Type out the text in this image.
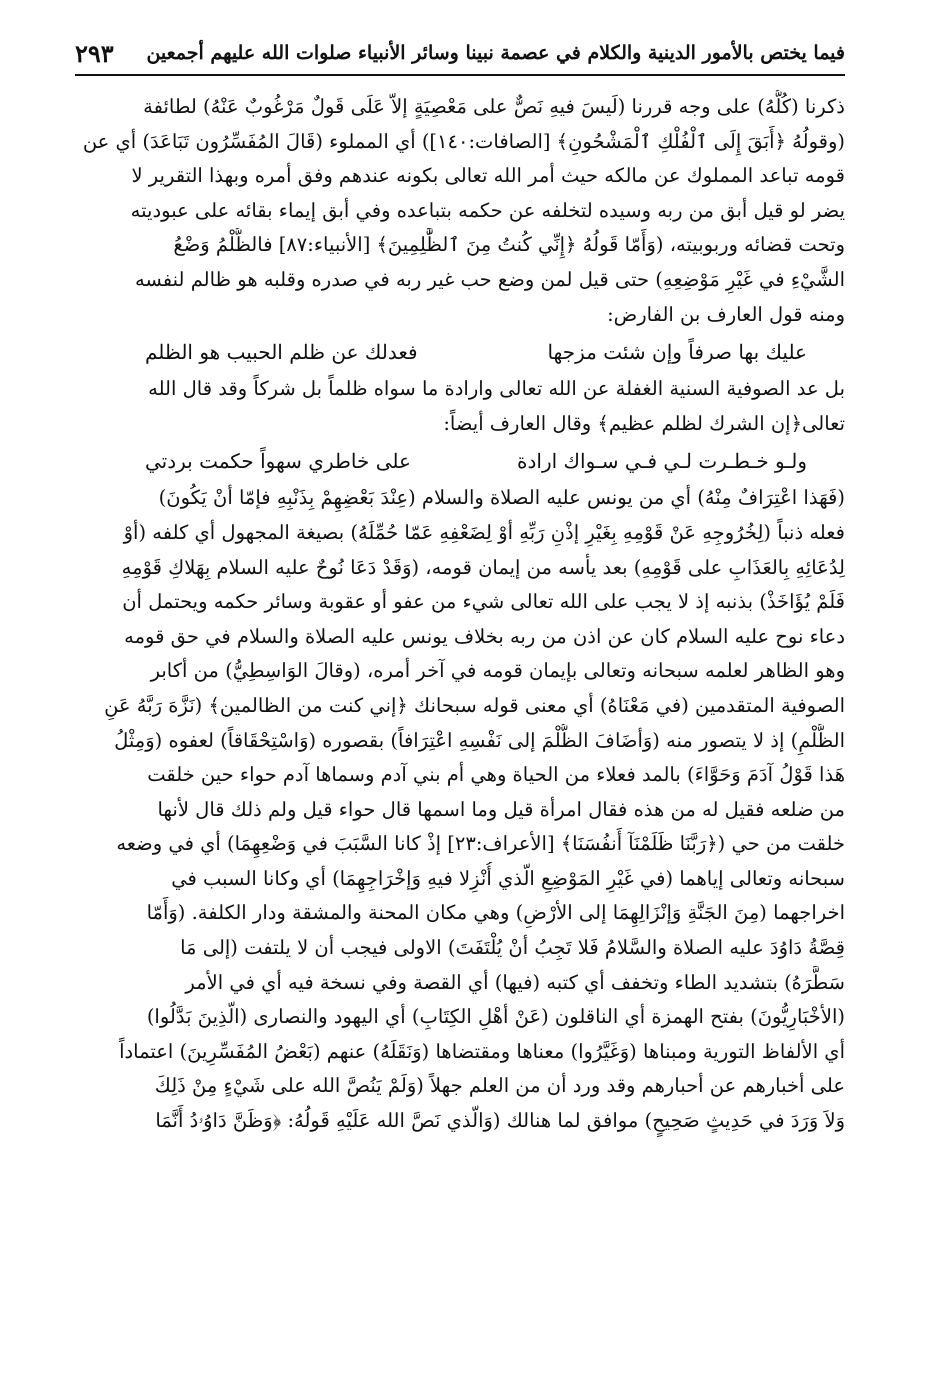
فيما يختص بالأمور الدينية والكلام في عصمة نبينا وسائر الأنبياء صلوات الله عليهم أجمعين
٢٩٣
ذكرنا (كُلُّهُ) على وجه قررنا (لَيسَ فيهِ نَصٌّ على مَعْصِيَةٍ إلاّ عَلَى قَولٌ مَرْغُوبٌ عَنْهُ) لطائفة
(وقولُهُ ﴿أَبَقَ إِلَى ٱلْفُلْكِ ٱلْمَشْحُونِ﴾ [الصافات:١٤٠]) أي المملوء (قَالَ المُفَسِّرُون تَبَاعَدَ) أي عن
قومه تباعد المملوك عن مالكه حيث أمر الله تعالى بكونه عندهم وفق أمره وبهذا التقرير لا
يضر لو قيل أبق من ربه وسيده لتخلفه عن حكمه بتباعده وفي أبق إيماء بقائه على عبوديته
وتحت قضائه وربوبيته، (وَأَمّا قَولُهُ ﴿إِنِّي كُنتُ مِنَ ٱلظَّٰلِمِينَ﴾ [الأنبياء:٨٧] فالظُّلْمُ وَضْعُ
الشَّيْءِ في غَيْرِ مَوْضِعِهِ) حتى قيل لمن وضع حب غير ربه في صدره وقلبه هو ظالم لنفسه
ومنه قول العارف بن الفارض:
عليك بها صرفاً وإن شئت مزجها
فعدلك عن ظلم الحبيب هو الظلم
بل عد الصوفية السنية الغفلة عن الله تعالى وارادة ما سواه ظلماً بل شركاً وقد قال الله
تعالى﴿إن الشرك لظلم عظيم﴾ وقال العارف أيضاً:
ولـو خـطـرت لـي فـي سـواك ارادة
على خاطري سهواً حكمت بردتي
(فَهَذا اعْتِرَافٌ مِنْهُ) أي من يونس عليه الصلاة والسلام (عِنْدَ بَعْضِهِمْ بِذَنْبِهِ فإمّا أنْ يَكُونَ)
فعله ذنباً (لِخُرُوجِهِ عَنْ قَوْمِهِ بِغَيْرِ إذْنِ رَبِّهِ أوْ لِضَعْفِهِ عَمّا حُمِّلَهُ) بصيغة المجهول أي كلفه (أوْ
لِدُعَائِهِ بِالعَذَابِ على قَوْمِهِ) بعد يأسه من إيمان قومه، (وَقَدْ دَعَا نُوحٌ عليه السلام بِهَلاكِ قَوْمِهِ
فَلَمْ يُؤَاخَذْ) بذنبه إذ لا يجب على الله تعالى شيء من عفو أو عقوبة وسائر حكمه ويحتمل أن
دعاء نوح عليه السلام كان عن اذن من ربه بخلاف يونس عليه الصلاة والسلام في حق قومه
وهو الظاهر لعلمه سبحانه وتعالى بإيمان قومه في آخر أمره، (وقالَ الوَاسِطِيُّ) من أكابر
الصوفية المتقدمين (في مَعْنَاهُ) أي معنى قوله سبحانك ﴿إني كنت من الظالمين﴾ (نَزَّهَ رَبَّهُ عَنِ
الظُّلْمِ) إذ لا يتصور منه (وَأضَافَ الظُّلْمَ إلى نَفْسِهِ اعْتِرَافاً) بقصوره (وَاسْتِحْقَاقاً) لعفوه (وَمِثْلُ
هَذا قَوْلُ آدَمَ وَحَوَّاءَ) بالمد فعلاء من الحياة وهي أم بني آدم وسماها آدم حواء حين خلقت
من ضلعه فقيل له من هذه فقال امرأة قيل وما اسمها قال حواء قيل ولم ذلك قال لأنها
خلقت من حي (﴿رَبَّنَا ظَلَمْنَآ أَنفُسَنَا﴾ [الأعراف:٢٣] إذْ كانا السَّبَبَ في وَضْعِهِمَا) أي في وضعه
سبحانه وتعالى إياهما (في غَيْرِ المَوْضِعِ الّذي أُنْزِلا فيهِ وَإخْرَاجِهِمَا) أي وكانا السبب في
اخراجهما (مِنَ الجَنَّةِ وَإنْزَالِهِمَا إلى الأرْضِ) وهي مكان المحنة والمشقة ودار الكلفة. (وَأَمّا
قِصَّةُ دَاوُدَ عليه الصلاة والسَّلامُ فَلا تَجِبُ أنْ يُلْتَفَتَ) الاولى فيجب أن لا يلتفت (إلى مَا
سَطَّرَهُ) بتشديد الطاء وتخفف أي كتبه (فيها) أي القصة وفي نسخة فيه أي في الأمر
(الأخْبَارِيُّونَ) بفتح الهمزة أي الناقلون (عَنْ أهْلِ الكِتَابِ) أي اليهود والنصارى (الّذِينَ بَدَّلُوا)
أي الألفاظ التورية ومبناها (وَغَيَّرُوا) معناها ومقتضاها (وَنَقَلَهُ) عنهم (بَعْضُ المُفَسِّرِينَ) اعتماداً
على أخبارهم عن أحبارهم وقد ورد أن من العلم جهلاً (وَلَمْ يَنُصَّ الله على شَيْءٍ مِنْ ذَلِكَ
وَلاَ وَرَدَ في حَدِيثٍ صَحِيحٍ) موافق لما هنالك (وَالّذي نَصَّ الله عَلَيْهِ قَولُهُ: ﴿وَظَنَّ دَاوُۥدُ أَنَّمَا
